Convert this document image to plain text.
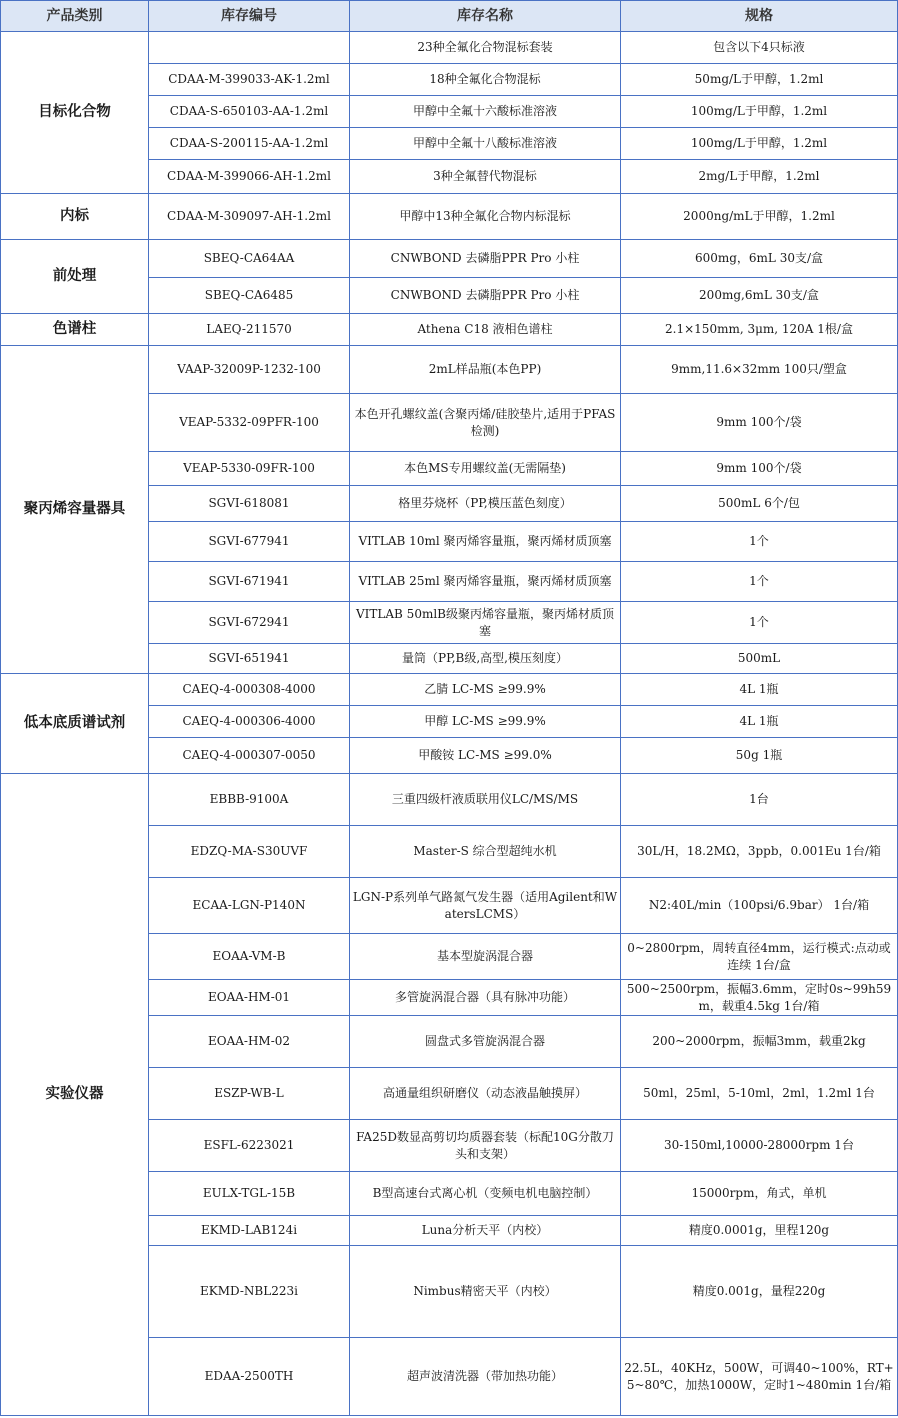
产品类别	库存编号	库存名称	规格
目标化合物		23种全氟化合物混标套装	包含以下4只标液
	CDAA-M-399033-AK-1.2ml	18种全氟化合物混标	50mg/L于甲醇，1.2ml
	CDAA-S-650103-AA-1.2ml	甲醇中全氟十六酸标准溶液	100mg/L于甲醇，1.2ml
	CDAA-S-200115-AA-1.2ml	甲醇中全氟十八酸标准溶液	100mg/L于甲醇，1.2ml
	CDAA-M-399066-AH-1.2ml	3种全氟替代物混标	2mg/L于甲醇，1.2ml
内标	CDAA-M-309097-AH-1.2ml	甲醇中13种全氟化合物内标混标	2000ng/mL于甲醇，1.2ml
前处理	SBEQ-CA64AA	CNWBOND 去磷脂PPR Pro 小柱	600mg，6mL 30支/盒
	SBEQ-CA6485	CNWBOND 去磷脂PPR Pro 小柱	200mg,6mL 30支/盒
色谱柱	LAEQ-211570	Athena C18 液相色谱柱	2.1×150mm, 3μm, 120A 1根/盒
聚丙烯容量器具	VAAP-32009P-1232-100	2mL样品瓶(本色PP)	9mm,11.6×32mm 100只/塑盒
	VEAP-5332-09PFR-100	本色开孔螺纹盖(含聚丙烯/硅胶垫片,适用于PFAS检测)	9mm 100个/袋
	VEAP-5330-09FR-100	本色MS专用螺纹盖(无需隔垫)	9mm 100个/袋
	SGVI-618081	格里芬烧杯（PP,模压蓝色刻度）	500mL 6个/包
	SGVI-677941	VITLAB 10ml 聚丙烯容量瓶，聚丙烯材质顶塞	1个
	SGVI-671941	VITLAB 25ml 聚丙烯容量瓶，聚丙烯材质顶塞	1个
	SGVI-672941	VITLAB 50mlB级聚丙烯容量瓶，聚丙烯材质顶塞	1个
	SGVI-651941	量筒（PP,B级,高型,模压刻度）	500mL
低本底质谱试剂	CAEQ-4-000308-4000	乙腈 LC-MS ≥99.9%	4L 1瓶
	CAEQ-4-000306-4000	甲醇 LC-MS ≥99.9%	4L 1瓶
	CAEQ-4-000307-0050	甲酸铵 LC-MS ≥99.0%	50g 1瓶
实验仪器	EBBB-9100A	三重四级杆液质联用仪LC/MS/MS	1台
	EDZQ-MA-S30UVF	Master-S 综合型超纯水机	30L/H，18.2MΩ，3ppb，0.001Eu 1台/箱
	ECAA-LGN-P140N	LGN-P系列单气路氮气发生器（适用Agilent和WatersLCMS）	N2:40L/min（100psi/6.9bar） 1台/箱
	EOAA-VM-B	基本型旋涡混合器	0~2800rpm，周转直径4mm，运行模式:点动或连续 1台/盒
	EOAA-HM-01	多管旋涡混合器（具有脉冲功能）	500~2500rpm，振幅3.6mm，定时0s~99h59m，载重4.5kg 1台/箱
	EOAA-HM-02	圆盘式多管旋涡混合器	200~2000rpm，振幅3mm，载重2kg
	ESZP-WB-L	高通量组织研磨仪（动态液晶触摸屏）	50ml，25ml，5-10ml，2ml，1.2ml 1台
	ESFL-6223021	FA25D数显高剪切均质器套装（标配10G分散刀头和支架）	30-150ml,10000-28000rpm 1台
	EULX-TGL-15B	B型高速台式离心机（变频电机电脑控制）	15000rpm，角式，单机
	EKMD-LAB124i	Luna分析天平（内校）	精度0.0001g，里程120g
	EKMD-NBL223i	Nimbus精密天平（内校）	精度0.001g，量程220g
	EDAA-2500TH	超声波清洗器（带加热功能）	22.5L，40KHz，500W，可调40~100%，RT+5~80℃，加热1000W，定时1~480min 1台/箱
